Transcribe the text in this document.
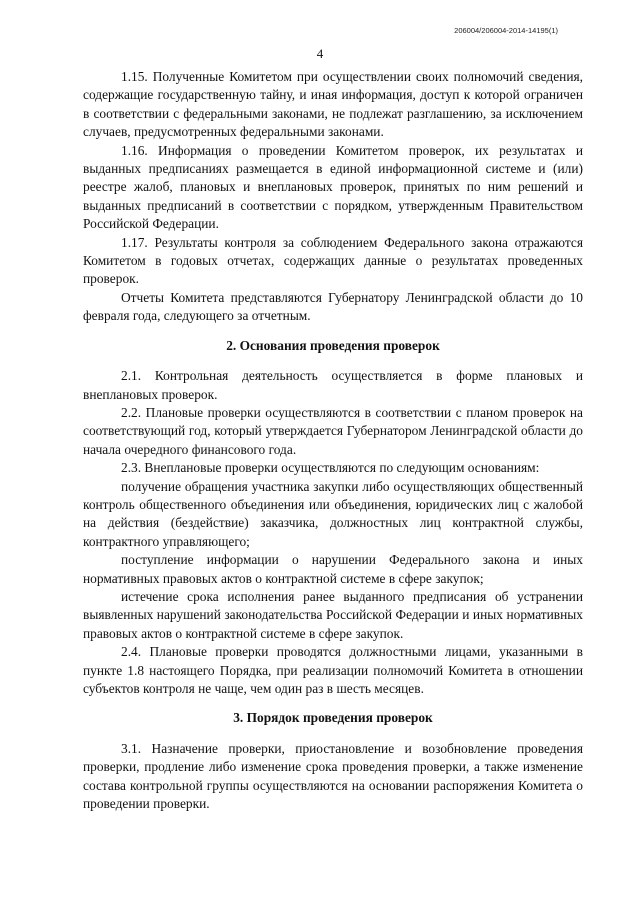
206004/206004-2014-14195(1)
4

1.15. Полученные Комитетом при осуществлении своих полномочий сведения, содержащие государственную тайну, и иная информация, доступ к которой ограничен в соответствии с федеральными законами, не подлежат разглашению, за исключением случаев, предусмотренных федеральными законами.

1.16. Информация о проведении Комитетом проверок, их результатах и выданных предписаниях размещается в единой информационной системе и (или) реестре жалоб, плановых и внеплановых проверок, принятых по ним решений и выданных предписаний в соответствии с порядком, утвержденным Правительством Российской Федерации.

1.17. Результаты контроля за соблюдением Федерального закона отражаются Комитетом в годовых отчетах, содержащих данные о результатах проведенных проверок.

Отчеты Комитета представляются Губернатору Ленинградской области до 10 февраля года, следующего за отчетным.

2. Основания проведения проверок

2.1. Контрольная деятельность осуществляется в форме плановых и внеплановых проверок.

2.2. Плановые проверки осуществляются в соответствии с планом проверок на соответствующий год, который утверждается Губернатором Ленинградской области до начала очередного финансового года.

2.3. Внеплановые проверки осуществляются по следующим основаниям:

получение обращения участника закупки либо осуществляющих общественный контроль общественного объединения или объединения, юридических лиц с жалобой на действия (бездействие) заказчика, должностных лиц контрактной службы, контрактного управляющего;

поступление информации о нарушении Федерального закона и иных нормативных правовых актов о контрактной системе в сфере закупок;

истечение срока исполнения ранее выданного предписания об устранении выявленных нарушений законодательства Российской Федерации и иных нормативных правовых актов о контрактной системе в сфере закупок.

2.4. Плановые проверки проводятся должностными лицами, указанными в пункте 1.8 настоящего Порядка, при реализации полномочий Комитета в отношении субъектов контроля не чаще, чем один раз в шесть месяцев.

3. Порядок проведения проверок

3.1. Назначение проверки, приостановление и возобновление проведения проверки, продление либо изменение срока проведения проверки, а также изменение состава контрольной группы осуществляются на основании распоряжения Комитета о проведении проверки.
